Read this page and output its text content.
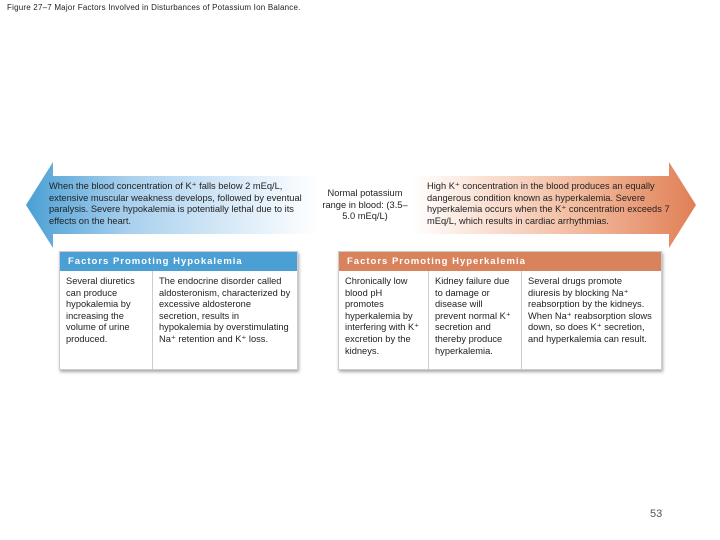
Figure 27–7 Major Factors Involved in Disturbances of Potassium Ion Balance.
When the blood concentration of K⁺ falls below 2 mEq/L, extensive muscular weakness develops, followed by eventual paralysis. Severe hypokalemia is potentially lethal due to its effects on the heart.
Normal potassium range in blood: (3.5–5.0 mEq/L)
High K⁺ concentration in the blood produces an equally dangerous condition known as hyperkalemia. Severe hyperkalemia occurs when the K⁺ concentration exceeds 7 mEq/L, which results in cardiac arrhythmias.
Factors Promoting Hypokalemia
Several diuretics can produce hypokalemia by increasing the volume of urine produced.
The endocrine disorder called aldosteronism, characterized by excessive aldosterone secretion, results in hypokalemia by overstimulating Na⁺ retention and K⁺ loss.
Factors Promoting Hyperkalemia
Chronically low blood pH promotes hyperkalemia by interfering with K⁺ excretion by the kidneys.
Kidney failure due to damage or disease will prevent normal K⁺ secretion and thereby produce hyperkalemia.
Several drugs promote diuresis by blocking Na⁺ reabsorption by the kidneys. When Na⁺ reabsorption slows down, so does K⁺ secretion, and hyperkalemia can result.
53
